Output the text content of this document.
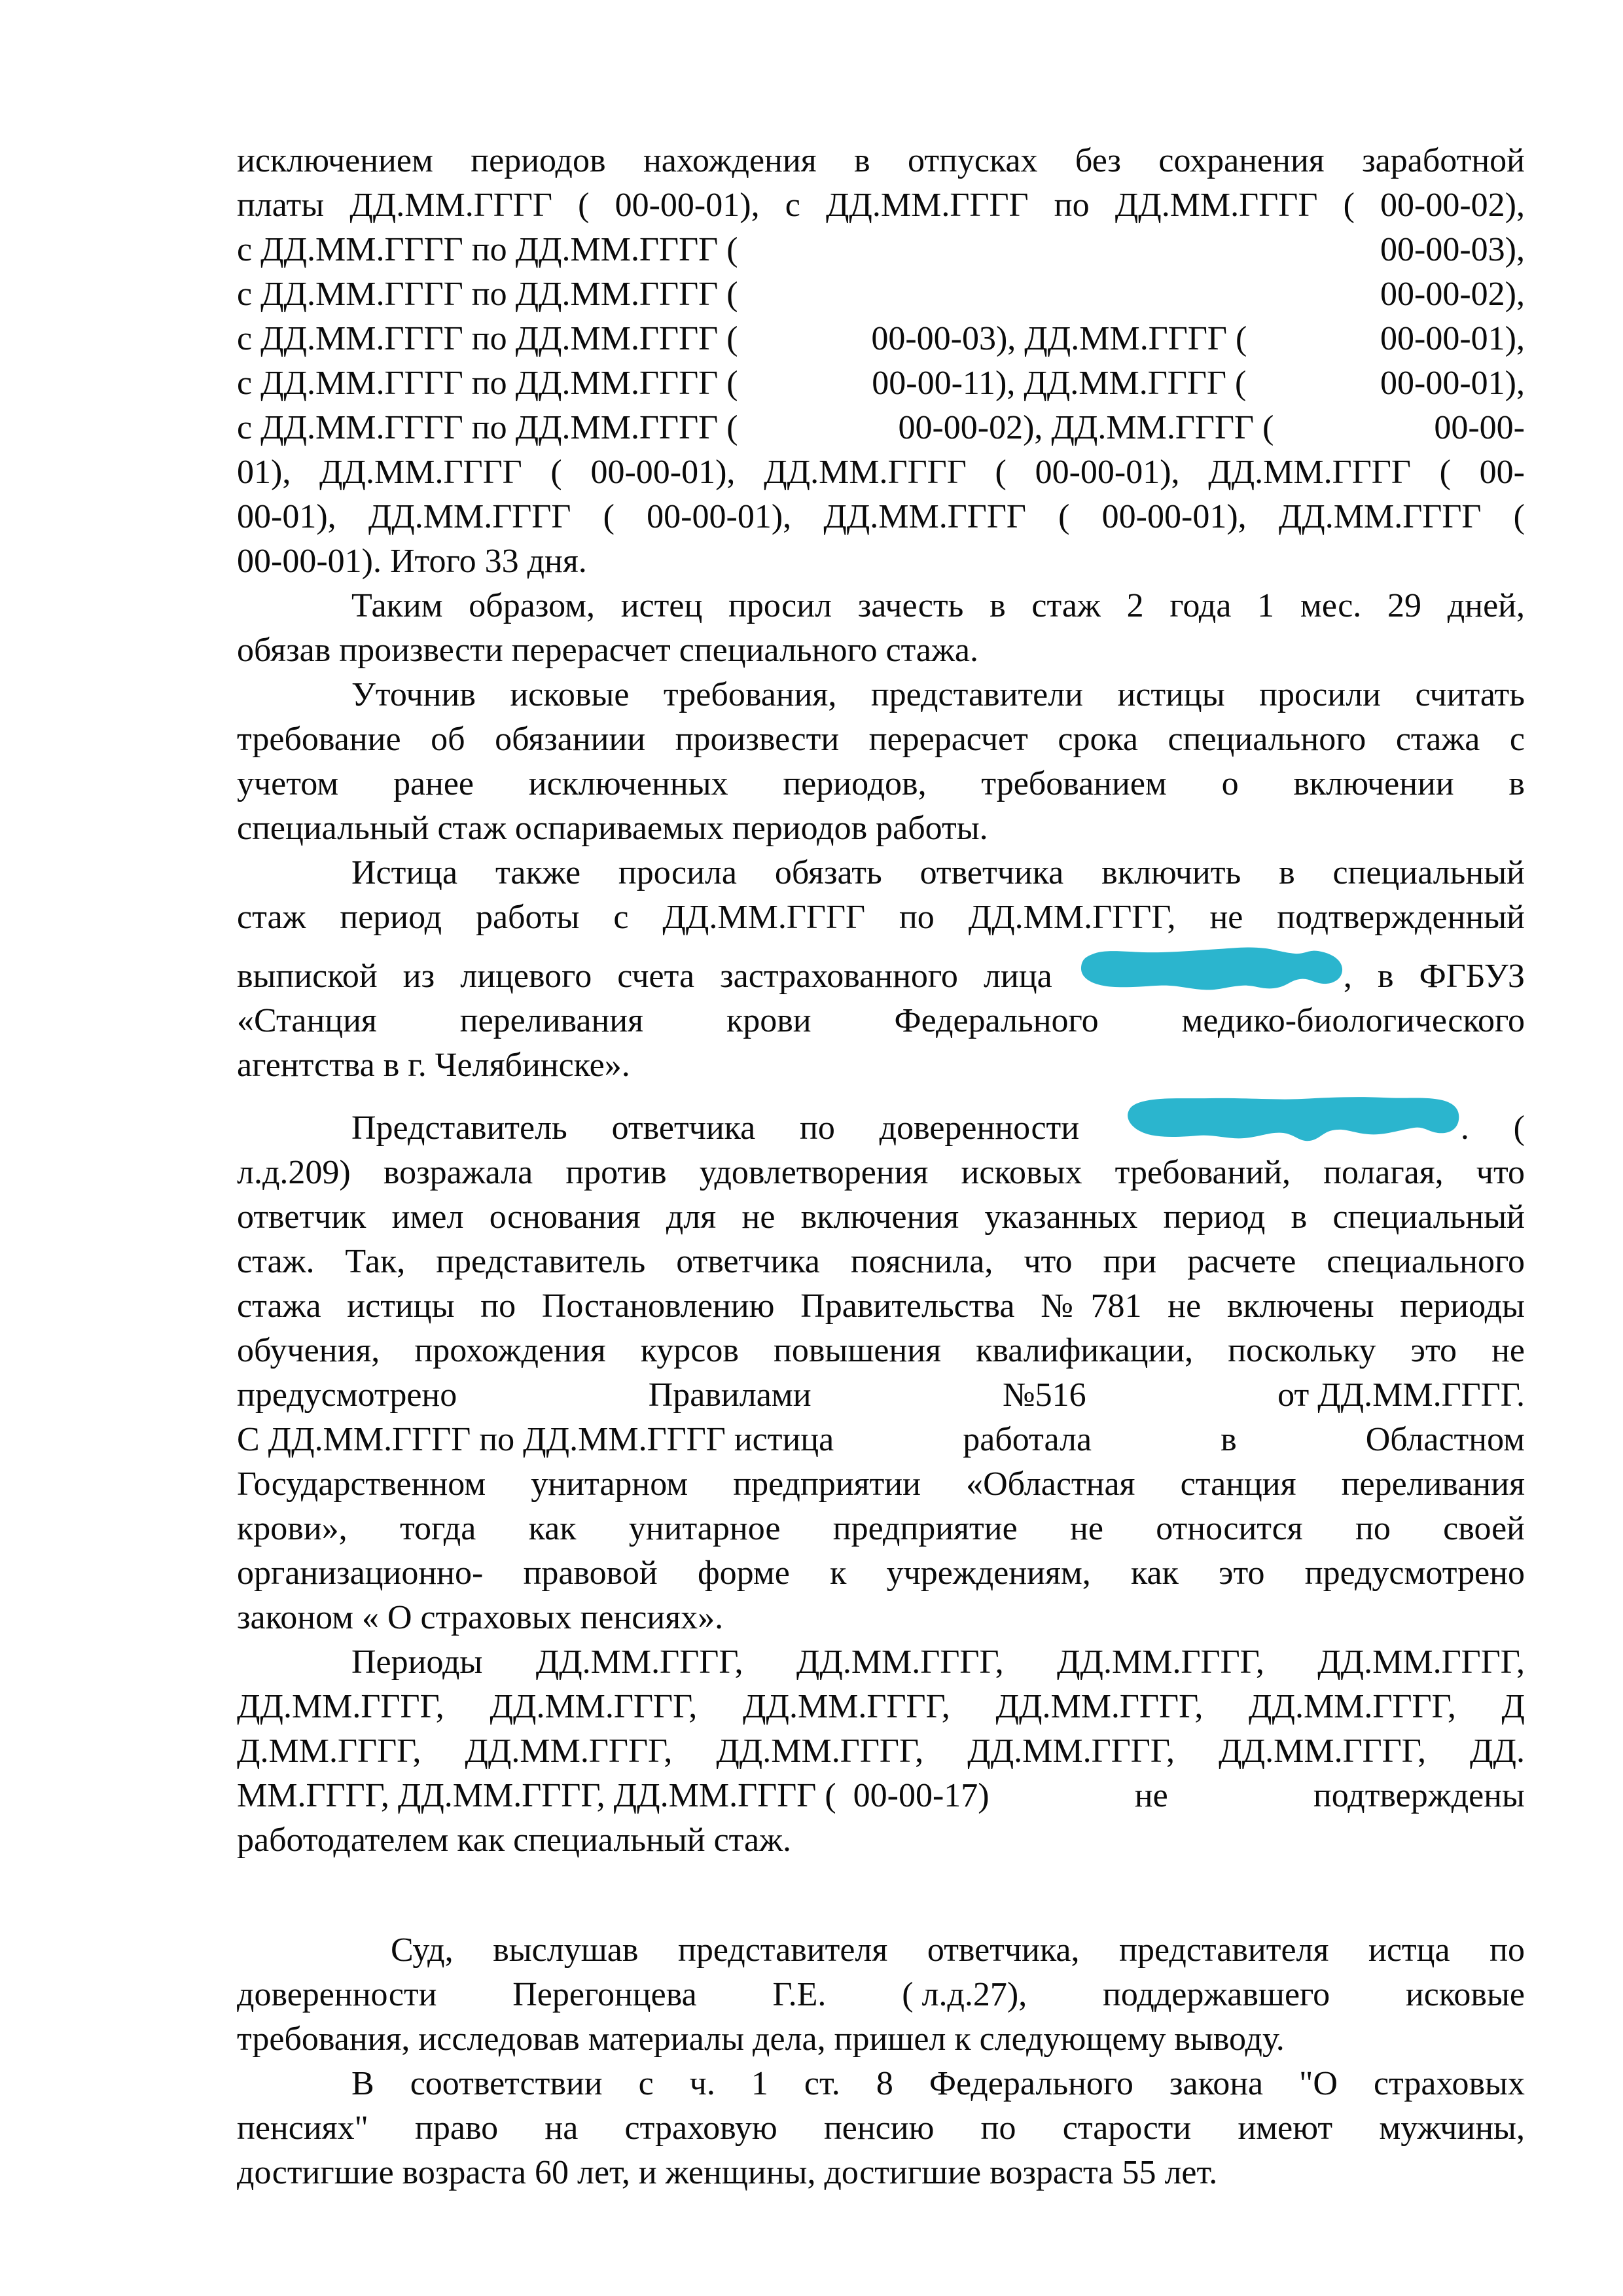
исключением периодов нахождения в отпусках без сохранения заработной
платы ДД.ММ.ГГГГ ( 00-00-01), с ДД.ММ.ГГГГ по ДД.ММ.ГГГГ ( 00-00-02),
с ДД.ММ.ГГГГ по ДД.ММ.ГГГГ (	00-00-03),
с ДД.ММ.ГГГГ по ДД.ММ.ГГГГ (	00-00-02),
с ДД.ММ.ГГГГ по ДД.ММ.ГГГГ (	00-00-03), ДД.ММ.ГГГГ (	00-00-01),
с ДД.ММ.ГГГГ по ДД.ММ.ГГГГ (	00-00-11), ДД.ММ.ГГГГ (	00-00-01),
с ДД.ММ.ГГГГ по ДД.ММ.ГГГГ (	00-00-02), ДД.ММ.ГГГГ (	00-00-
01), ДД.ММ.ГГГГ ( 00-00-01), ДД.ММ.ГГГГ ( 00-00-01), ДД.ММ.ГГГГ ( 00-
00-01), ДД.ММ.ГГГГ ( 00-00-01), ДД.ММ.ГГГГ ( 00-00-01), ДД.ММ.ГГГГ (
00-00-01). Итого 33 дня.
Таким образом, истец просил зачесть в стаж 2 года 1 мес. 29 дней,
обязав произвести перерасчет специального стажа.
Уточнив исковые требования, представители истицы просили считать
требование об обязаниии произвести перерасчет срока специального стажа с
учетом ранее исключенных периодов, требованием о включении в
специальный стаж оспариваемых периодов работы.
Истица также просила обязать ответчика включить в специальный
стаж период работы с ДД.ММ.ГГГГ по ДД.ММ.ГГГГ, не подтвержденный
выпиской из лицевого счета застрахованного лица	, в ФГБУЗ
«Станция переливания крови Федерального медико-биологического
агентства в г. Челябинске».
Представитель ответчика по доверенности	. (
л.д.209) возражала против удовлетворения исковых требований, полагая, что
ответчик имел основания для не включения указанных период в специальный
стаж. Так, представитель ответчика пояснила, что при расчете специального
стажа истицы по Постановлению Правительства №781 не включены периоды
обучения, прохождения курсов повышения квалификации, поскольку это не
предусмотрено	Правилами	№516	от ДД.ММ.ГГГГ.
С ДД.ММ.ГГГГ по ДД.ММ.ГГГГ истица	работала	в	Областном
Государственном унитарном предприятии «Областная станция переливания
крови», тогда как унитарное предприятие не относится по своей
организационно- правовой форме к учреждениям, как это предусмотрено
законом « О страховых пенсиях».
Периоды ДД.ММ.ГГГГ, ДД.ММ.ГГГГ, ДД.ММ.ГГГГ, ДД.ММ.ГГГГ,
ДД.ММ.ГГГГ, ДД.ММ.ГГГГ, ДД.ММ.ГГГГ, ДД.ММ.ГГГГ, ДД.ММ.ГГГГ, Д
Д.ММ.ГГГГ, ДД.ММ.ГГГГ, ДД.ММ.ГГГГ, ДД.ММ.ГГГГ, ДД.ММ.ГГГГ, ДД.
ММ.ГГГГ, ДД.ММ.ГГГГ, ДД.ММ.ГГГГ (  00-00-17)	не	подтверждены
работодателем как специальный стаж.
Суд, выслушав представителя ответчика, представителя истца по
доверенности Перегонцева Г.Е. ( л.д.27), поддержавшего исковые
требования, исследовав материалы дела, пришел к следующему выводу.
В соответствии с ч. 1 ст. 8 Федерального закона "О страховых
пенсиях" право на страховую пенсию по старости имеют мужчины,
достигшие возраста 60 лет, и женщины, достигшие возраста 55 лет.
